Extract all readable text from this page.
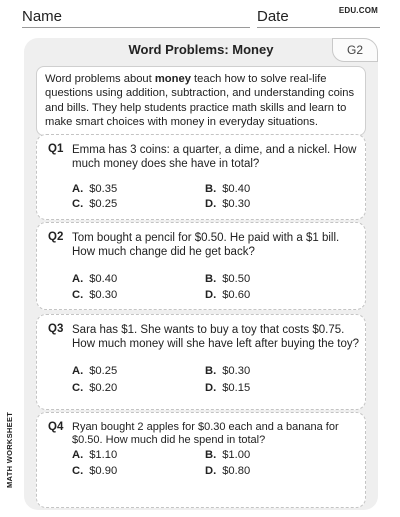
Name	Date	EDU.COM
MATH WORKSHEET
Word Problems: Money	G2
Word problems about money teach how to solve real-life questions using addition, subtraction, and understanding coins and bills. They help students practice math skills and learn to make smart choices with money in everyday situations.
Q1 Emma has 3 coins: a quarter, a dime, and a nickel. How much money does she have in total?
A. $0.35	B. $0.40
C. $0.25	D. $0.30
Q2 Tom bought a pencil for $0.50. He paid with a $1 bill. How much change did he get back?
A. $0.40	B. $0.50
C. $0.30	D. $0.60
Q3 Sara has $1. She wants to buy a toy that costs $0.75. How much money will she have left after buying the toy?
A. $0.25	B. $0.30
C. $0.20	D. $0.15
Q4 Ryan bought 2 apples for $0.30 each and a banana for $0.50. How much did he spend in total?
A. $1.10	B. $1.00
C. $0.90	D. $0.80
